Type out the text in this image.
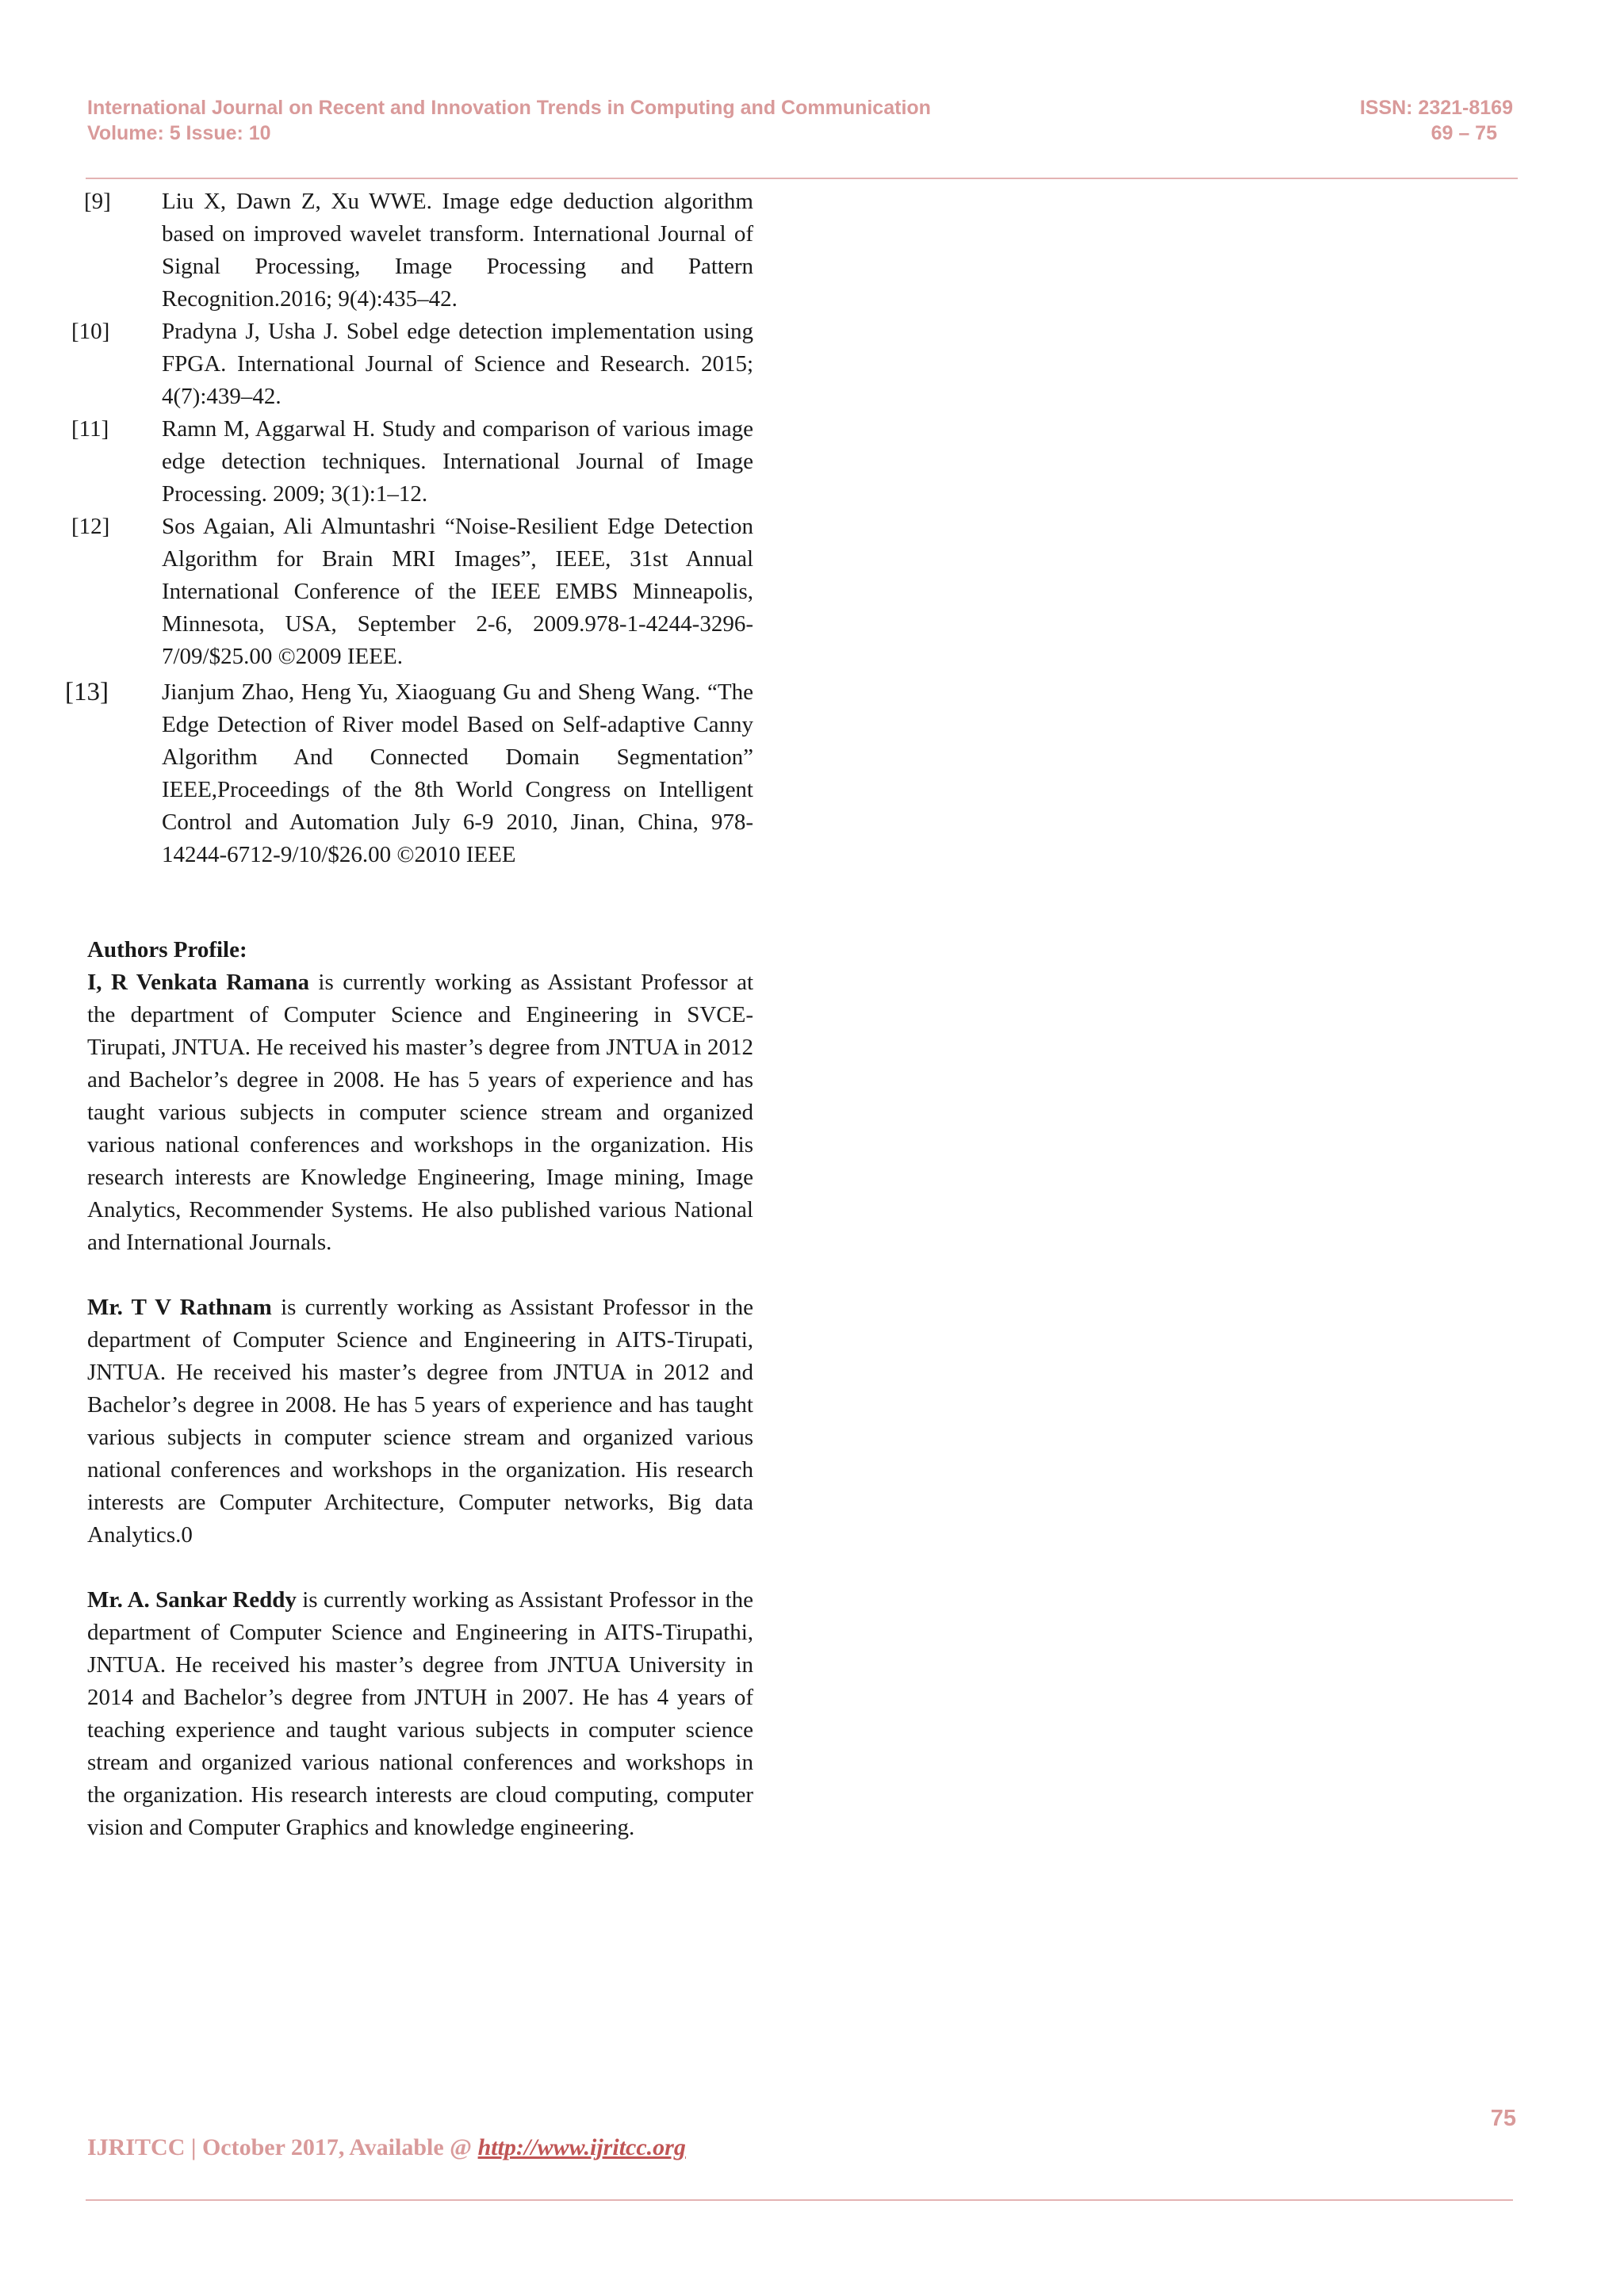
International Journal on Recent and Innovation Trends in Computing and Communication
Volume: 5 Issue: 10
ISSN: 2321-8169
69 – 75
[9]	Liu X, Dawn Z, Xu WWE. Image edge deduction algorithm based on improved wavelet transform. International Journal of Signal Processing, Image Processing and Pattern Recognition.2016; 9(4):435–42.
[10]	Pradyna J, Usha J. Sobel edge detection implementation using FPGA. International Journal of Science and Research. 2015; 4(7):439–42.
[11]	Ramn M, Aggarwal H. Study and comparison of various image edge detection techniques. International Journal of Image Processing. 2009; 3(1):1–12.
[12]	Sos Agaian, Ali Almuntashri “Noise-Resilient Edge Detection Algorithm for Brain MRI Images”, IEEE, 31st Annual International Conference of the IEEE EMBS Minneapolis, Minnesota, USA, September 2-6, 2009.978-1-4244-3296-7/09/$25.00 ©2009 IEEE.
[13]	Jianjum Zhao, Heng Yu, Xiaoguang Gu and Sheng Wang. “The Edge Detection of River model Based on Self-adaptive Canny Algorithm And Connected Domain Segmentation” IEEE,Proceedings of the 8th World Congress on Intelligent Control and Automation July 6-9 2010, Jinan, China, 978-14244-6712-9/10/$26.00 ©2010 IEEE
Authors Profile:

I, R Venkata Ramana is currently working as Assistant Professor at the department of Computer Science and Engineering in SVCE-Tirupati, JNTUA. He received his master’s degree from JNTUA in 2012 and Bachelor’s degree in 2008. He has 5 years of experience and has taught various subjects in computer science stream and organized various national conferences and workshops in the organization. His research interests are Knowledge Engineering, Image mining, Image Analytics, Recommender Systems. He also published various National and International Journals.

Mr. T V Rathnam is currently working as Assistant Professor in the department of Computer Science and Engineering in AITS-Tirupati, JNTUA. He received his master’s degree from JNTUA in 2012 and Bachelor’s degree in 2008. He has 5 years of experience and has taught various subjects in computer science stream and organized various national conferences and workshops in the organization. His research interests are Computer Architecture, Computer networks, Big data Analytics.0

Mr. A. Sankar Reddy is currently working as Assistant Professor in the department of Computer Science and Engineering in AITS-Tirupathi, JNTUA. He received his master’s degree from JNTUA University in 2014 and Bachelor’s degree from JNTUH in 2007. He has 4 years of teaching experience and taught various subjects in computer science stream and organized various national conferences and workshops in the organization. His research interests are cloud computing, computer vision and Computer Graphics and knowledge engineering.

75
IJRITCC | October 2017, Available @ http://www.ijritcc.org
